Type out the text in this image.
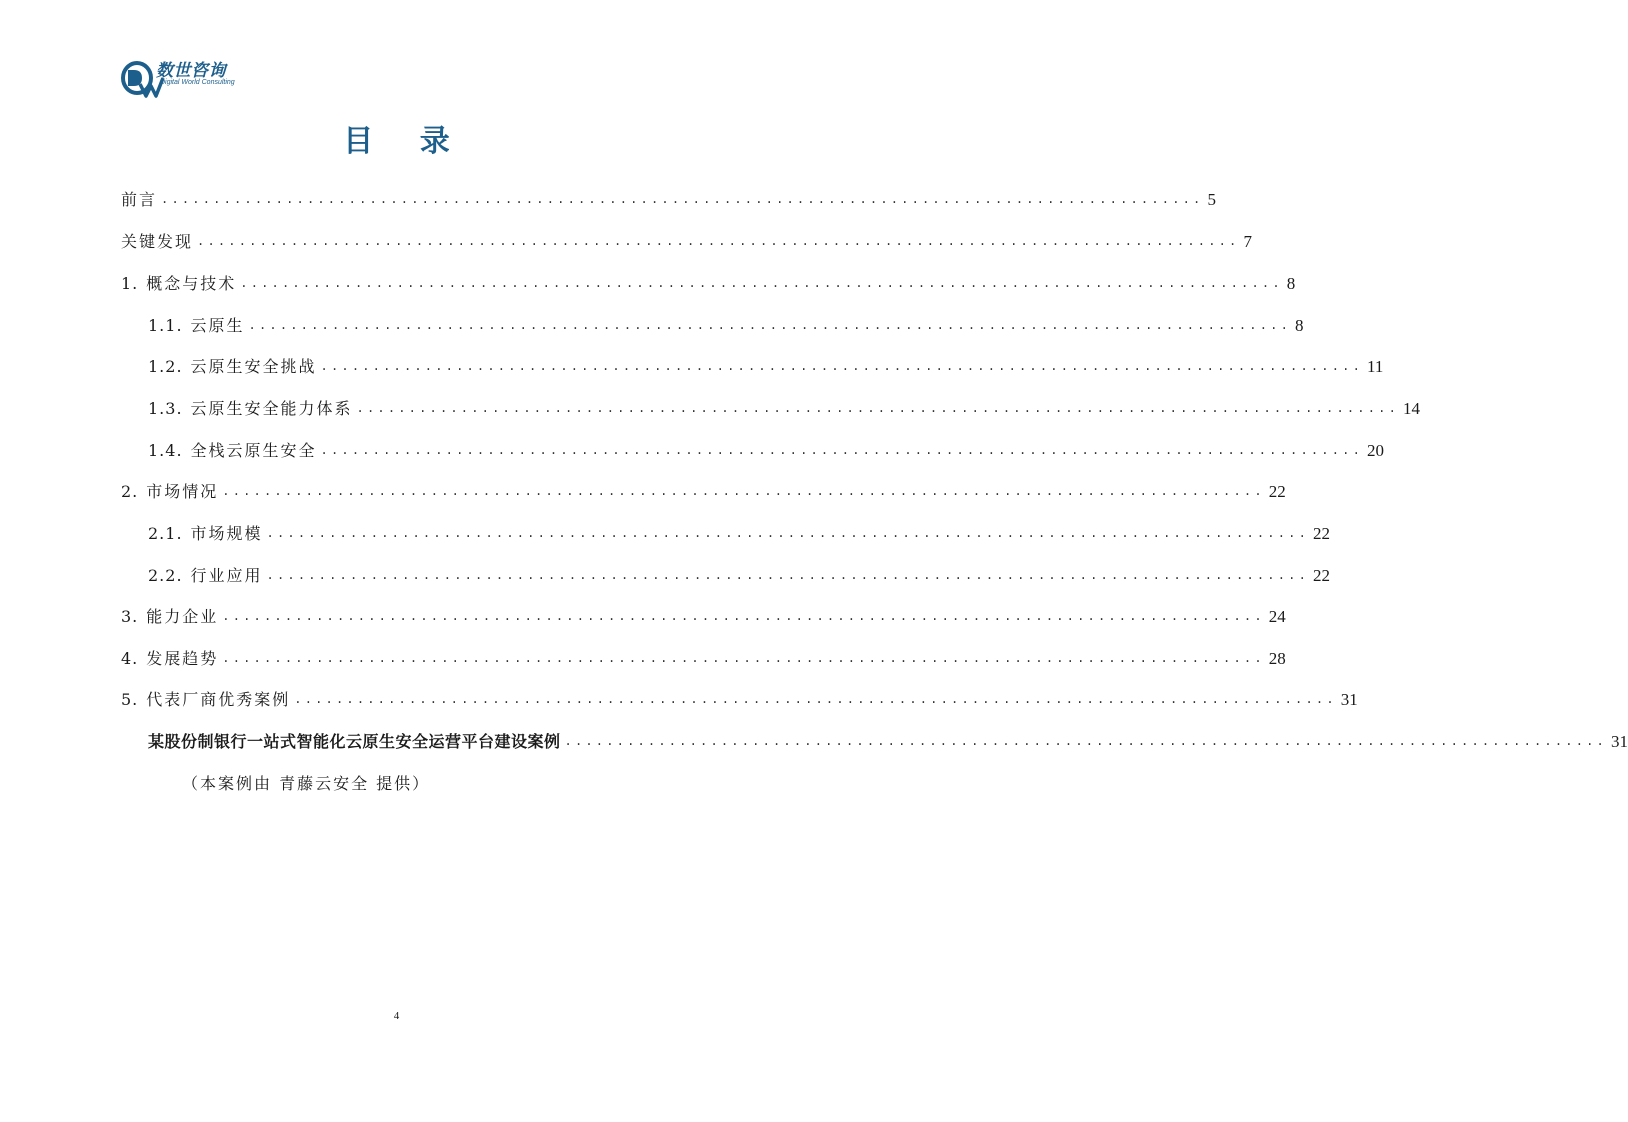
数世咨询
Digital World Consulting
目 录
前言 .................................................................................................... 5
关键发现 .................................................................................................... 7
1. 概念与技术 .................................................................................................... 8
1.1. 云原生 .................................................................................................... 8
1.2. 云原生安全挑战 .................................................................................................... 11
1.3. 云原生安全能力体系 .................................................................................................... 14
1.4. 全栈云原生安全 .................................................................................................... 20
2. 市场情况 .................................................................................................... 22
2.1. 市场规模 .................................................................................................... 22
2.2. 行业应用 .................................................................................................... 22
3. 能力企业 .................................................................................................... 24
4. 发展趋势 .................................................................................................... 28
5. 代表厂商优秀案例 .................................................................................................... 31
某股份制银行一站式智能化云原生安全运营平台建设案例 .................................................................................................... 31
（本案例由 青藤云安全 提供）
4
